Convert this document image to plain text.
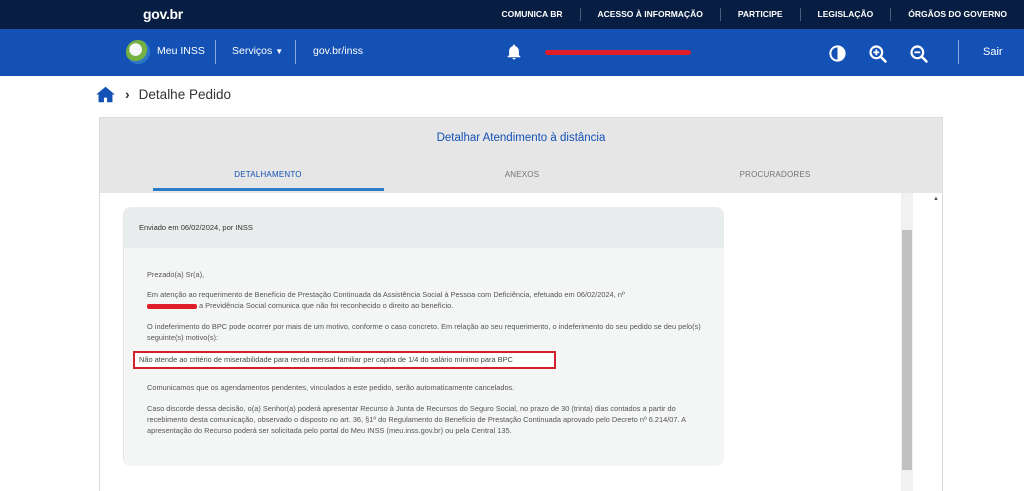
gov.br	COMUNICA BR	ACESSO À INFORMAÇÃO	PARTICIPE	LEGISLAÇÃO	ÓRGÃOS DO GOVERNO
Meu INSS	Serviços ▼	gov.br/inss	Sair
› Detalhe Pedido
Detalhar Atendimento à distância
DETALHAMENTO	ANEXOS	PROCURADORES
Enviado em 06/02/2024, por INSS

Prezado(a) Sr(a),

Em atenção ao requerimento de Benefício de Prestação Continuada da Assistência Social à Pessoa com Deficiência, efetuado em 06/02/2024, nº

a Previdência Social comunica que não foi reconhecido o direito ao benefício.

O indeferimento do BPC pode ocorrer por mais de um motivo, conforme o caso concreto. Em relação ao seu requerimento, o indeferimento do seu pedido se deu pelo(s) seguinte(s) motivo(s):

Comunicamos que os agendamentos pendentes, vinculados a este pedido, serão automaticamente cancelados.

Caso discorde dessa decisão, o(a) Senhor(a) poderá apresentar Recurso à Junta de Recursos do Seguro Social, no prazo de 30 (trinta) dias contados a partir do recebimento desta comunicação, observado o disposto no art. 36, §1º do Regulamento do Benefício de Prestação Continuada aprovado pelo Decreto nº 6.214/07. A apresentação do Recurso poderá ser solicitada pelo portal do Meu INSS (meu.inss.gov.br) ou pela Central 135.

Não atende ao critério de miserabilidade para renda mensal familiar per capita de 1/4 do salário mínimo para BPC
▲
